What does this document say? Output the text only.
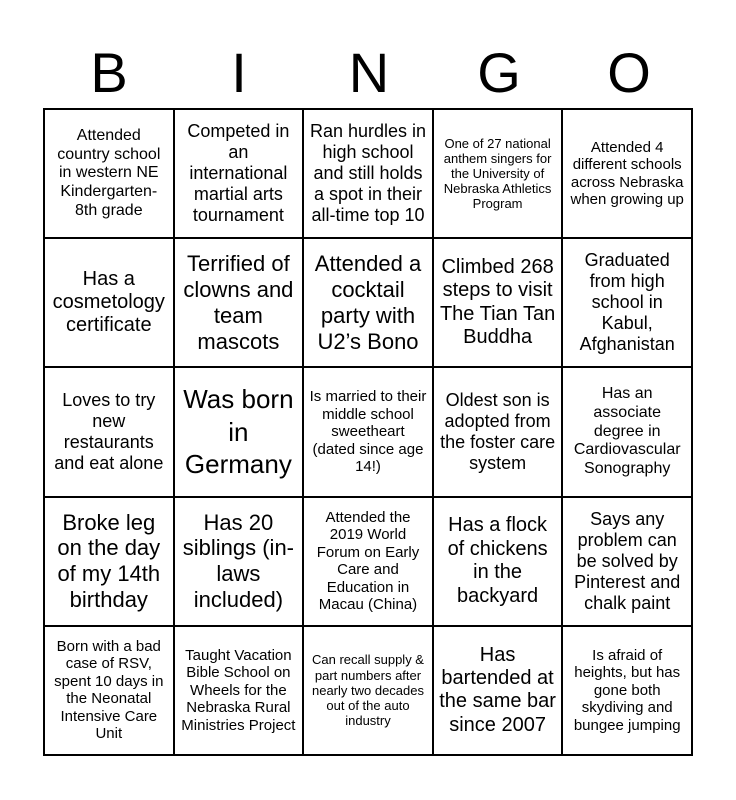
B	I	N	G	O
Attended country school in western NE Kindergarten-8th grade
Competed in an international martial arts tournament
Ran hurdles in high school and still holds a spot in their all-time top 10
One of 27 national anthem singers for the University of Nebraska Athletics Program
Attended 4 different schools across Nebraska when growing up
Has a cosmetology certificate
Terrified of clowns and team mascots
Attended a cocktail party with U2’s Bono
Climbed 268 steps to visit The Tian Tan Buddha
Graduated from high school in Kabul, Afghanistan
Loves to try new restaurants and eat alone
Was born in Germany
Is married to their middle school sweetheart (dated since age 14!)
Oldest son is adopted from the foster care system
Has an associate degree in Cardiovascular Sonography
Broke leg on the day of my 14th birthday
Has 20 siblings (in-laws included)
Attended the 2019 World Forum on Early Care and Education in Macau (China)
Has a flock of chickens in the backyard
Says any problem can be solved by Pinterest and chalk paint
Born with a bad case of RSV, spent 10 days in the Neonatal Intensive Care Unit
Taught Vacation Bible School on Wheels for the Nebraska Rural Ministries Project
Can recall supply & part numbers after nearly two decades out of the auto industry
Has bartended at the same bar since 2007
Is afraid of heights, but has gone both skydiving and bungee jumping
